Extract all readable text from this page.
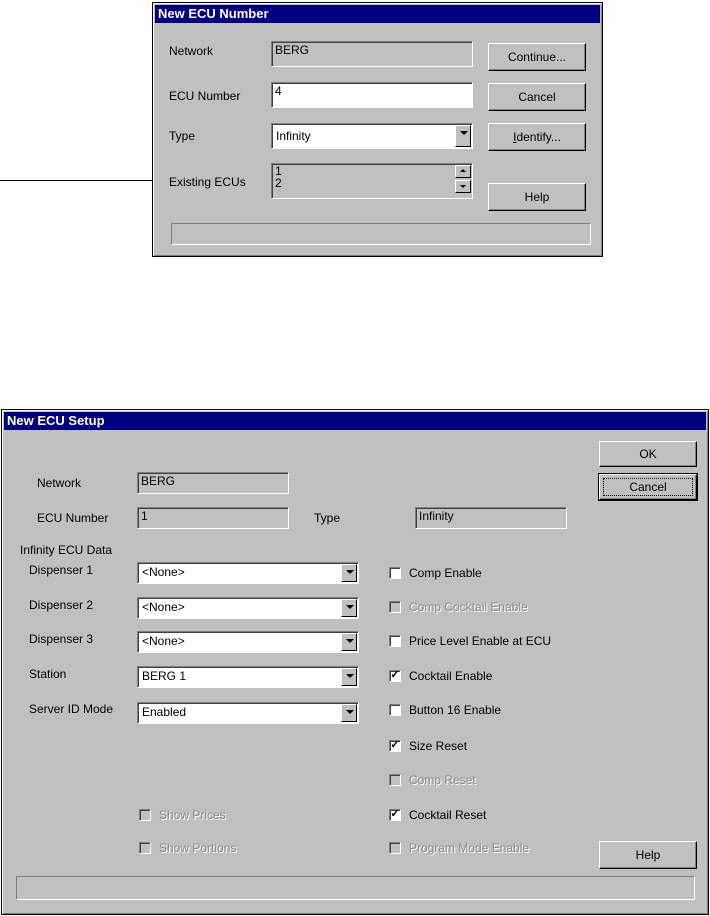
New ECU Number
Network	BERG
ECU Number	4
Type	Infinity
Existing ECUs
1
2
Continue...
Cancel
Identify...
Help
New ECU Setup
Network	BERG
ECU Number	1	Type	Infinity
Infinity ECU Data
Dispenser 1	<None>
Dispenser 2	<None>
Dispenser 3	<None>
Station	BERG 1
Server ID Mode Enabled
Comp Enable
Comp Cocktail Enable
Price Level Enable at ECU
✓ Cocktail Enable
Button 16 Enable
✓ Size Reset
Comp Reset
✓ Cocktail Reset
Program Mode Enable
Show Prices
Show Portions
OK
Cancel
Help
